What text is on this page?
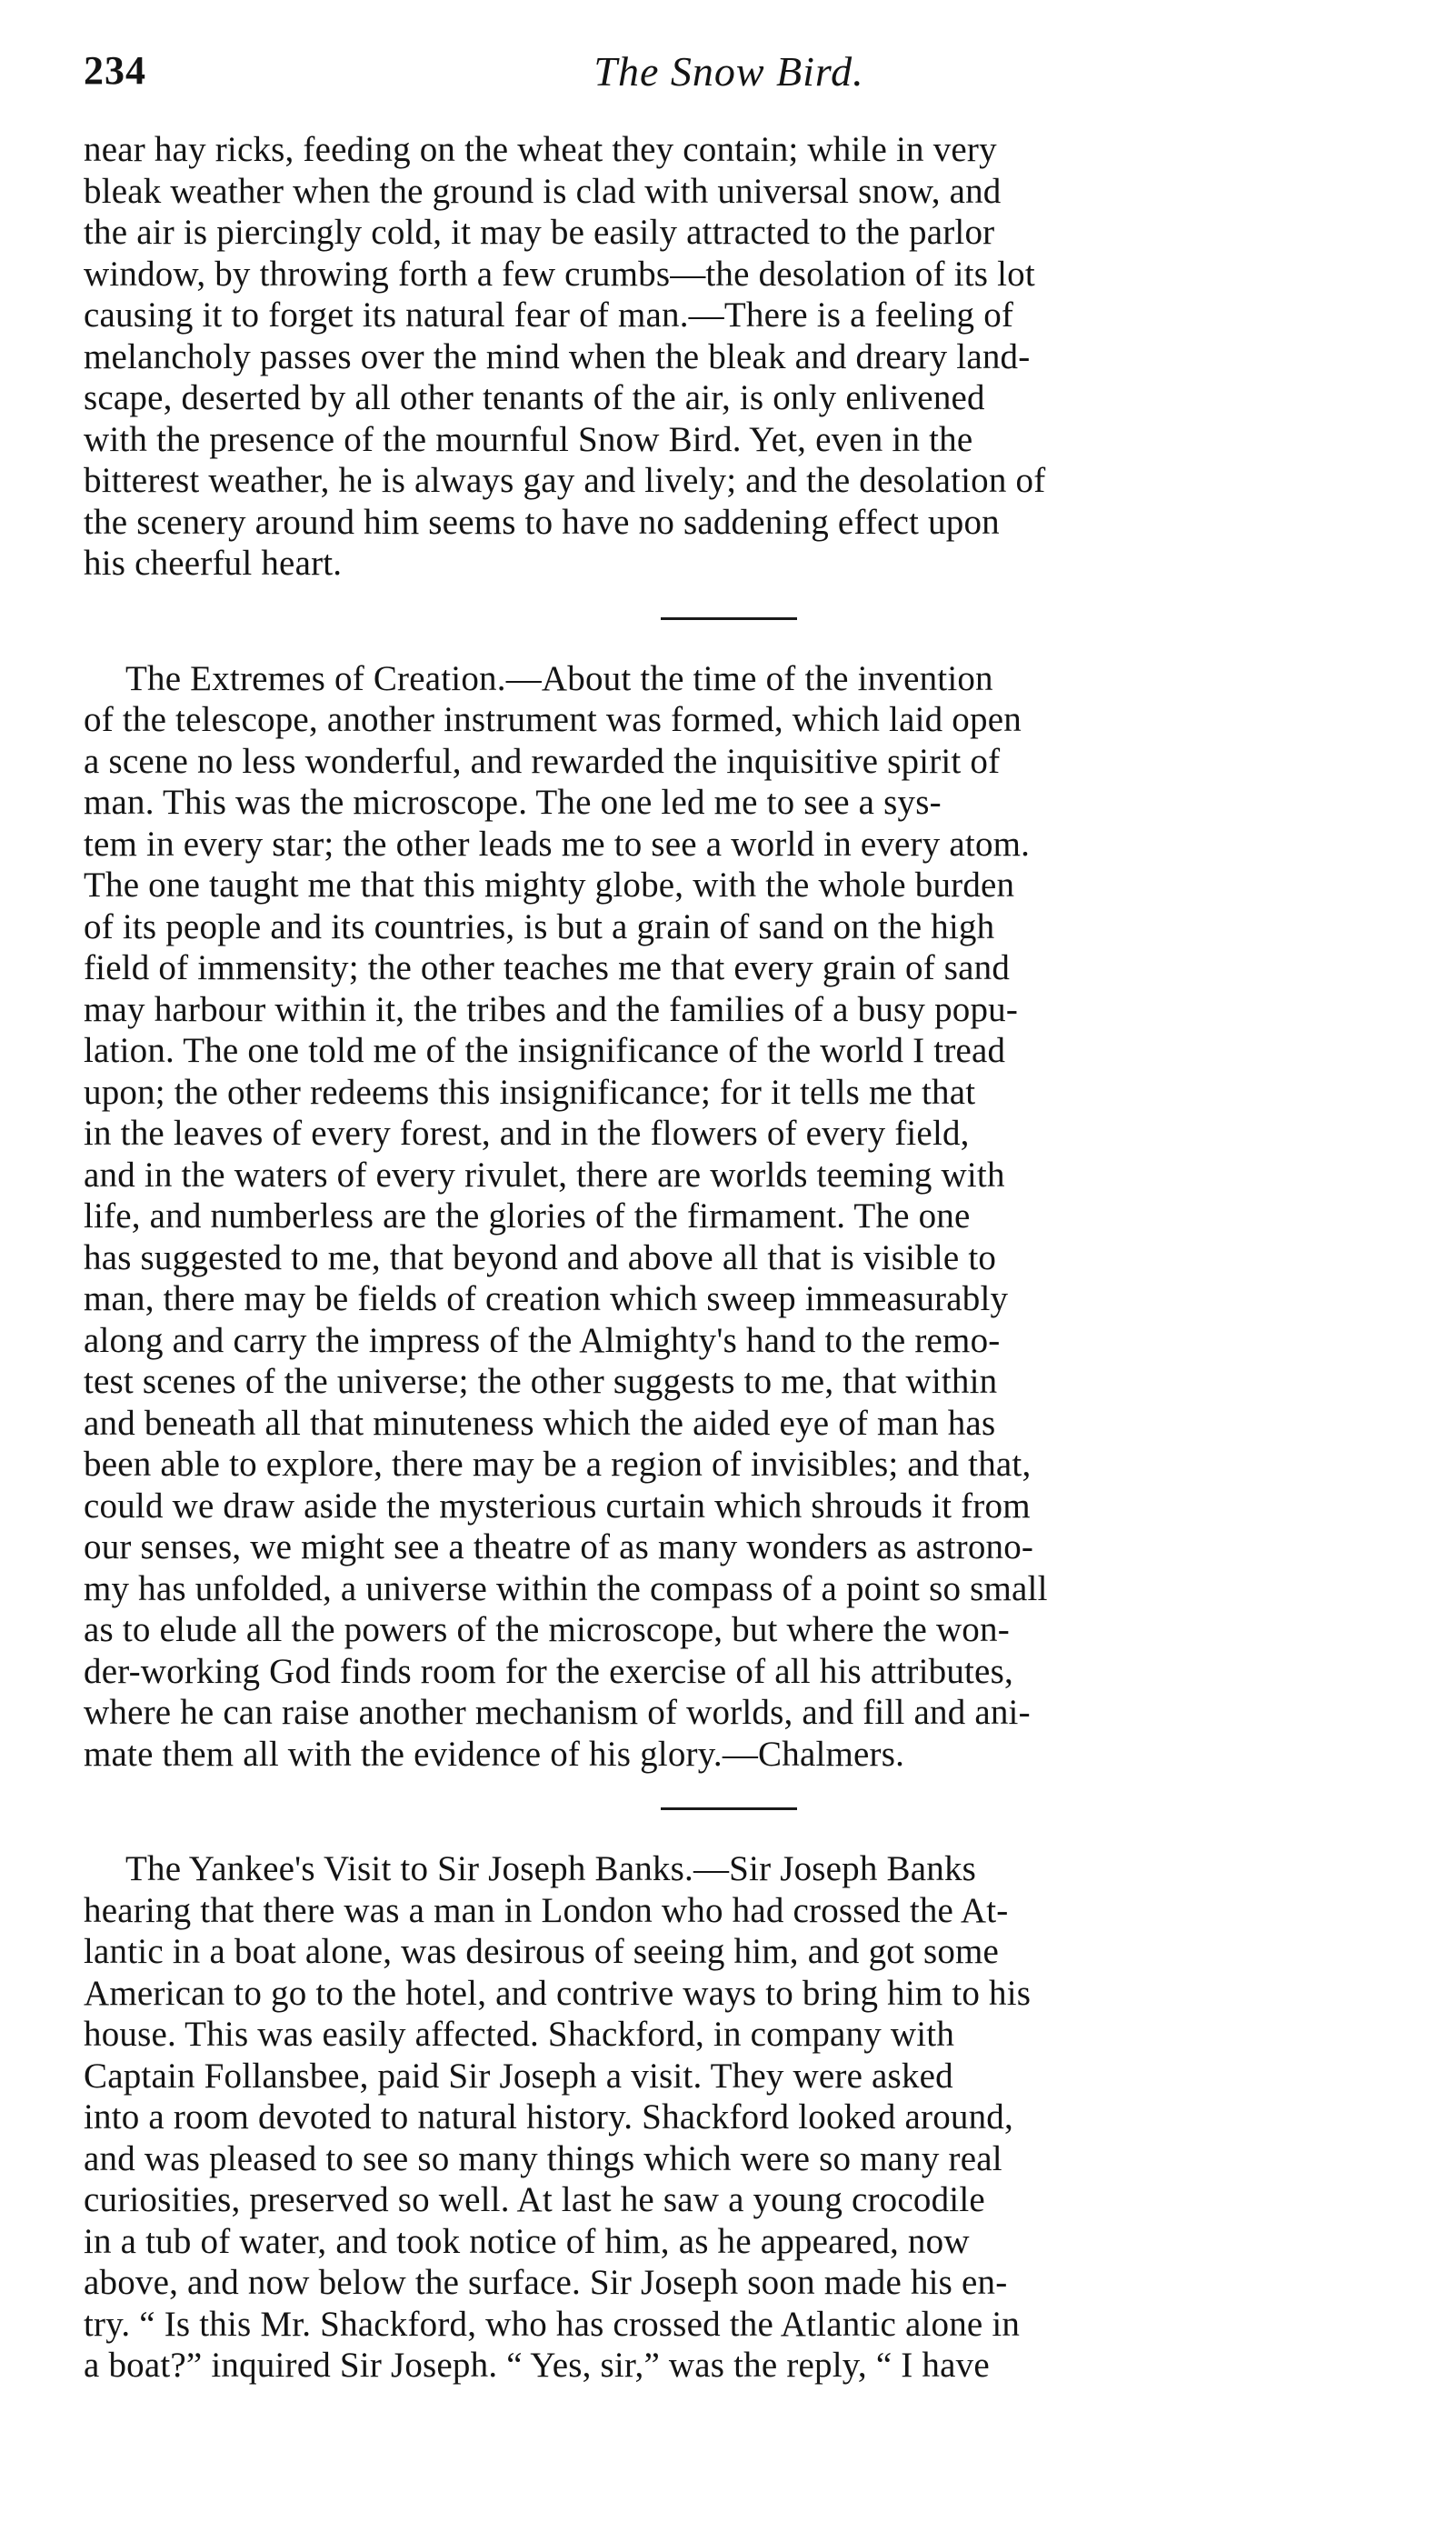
234	The Snow Bird.
near hay ricks, feeding on the wheat they contain; while in very
bleak weather when the ground is clad with universal snow, and
the air is piercingly cold, it may be easily attracted to the parlor
window, by throwing forth a few crumbs—the desolation of its lot
causing it to forget its natural fear of man.—There is a feeling of
melancholy passes over the mind when the bleak and dreary land-
scape, deserted by all other tenants of the air, is only enlivened
with the presence of the mournful Snow Bird. Yet, even in the
bitterest weather, he is always gay and lively; and the desolation of
the scenery around him seems to have no saddening effect upon
his cheerful heart.
The Extremes of Creation.—About the time of the invention
of the telescope, another instrument was formed, which laid open
a scene no less wonderful, and rewarded the inquisitive spirit of
man. This was the microscope. The one led me to see a sys-
tem in every star; the other leads me to see a world in every atom.
The one taught me that this mighty globe, with the whole burden
of its people and its countries, is but a grain of sand on the high
field of immensity; the other teaches me that every grain of sand
may harbour within it, the tribes and the families of a busy popu-
lation. The one told me of the insignificance of the world I tread
upon; the other redeems this insignificance; for it tells me that
in the leaves of every forest, and in the flowers of every field,
and in the waters of every rivulet, there are worlds teeming with
life, and numberless are the glories of the firmament. The one
has suggested to me, that beyond and above all that is visible to
man, there may be fields of creation which sweep immeasurably
along and carry the impress of the Almighty's hand to the remo-
test scenes of the universe; the other suggests to me, that within
and beneath all that minuteness which the aided eye of man has
been able to explore, there may be a region of invisibles; and that,
could we draw aside the mysterious curtain which shrouds it from
our senses, we might see a theatre of as many wonders as astrono-
my has unfolded, a universe within the compass of a point so small
as to elude all the powers of the microscope, but where the won-
der-working God finds room for the exercise of all his attributes,
where he can raise another mechanism of worlds, and fill and ani-
mate them all with the evidence of his glory.—Chalmers.
The Yankee's Visit to Sir Joseph Banks.—Sir Joseph Banks
hearing that there was a man in London who had crossed the At-
lantic in a boat alone, was desirous of seeing him, and got some
American to go to the hotel, and contrive ways to bring him to his
house. This was easily affected. Shackford, in company with
Captain Follansbee, paid Sir Joseph a visit. They were asked
into a room devoted to natural history. Shackford looked around,
and was pleased to see so many things which were so many real
curiosities, preserved so well. At last he saw a young crocodile
in a tub of water, and took notice of him, as he appeared, now
above, and now below the surface. Sir Joseph soon made his en-
try. “ Is this Mr. Shackford, who has crossed the Atlantic alone in
a boat?” inquired Sir Joseph. “ Yes, sir,” was the reply, “ I have
